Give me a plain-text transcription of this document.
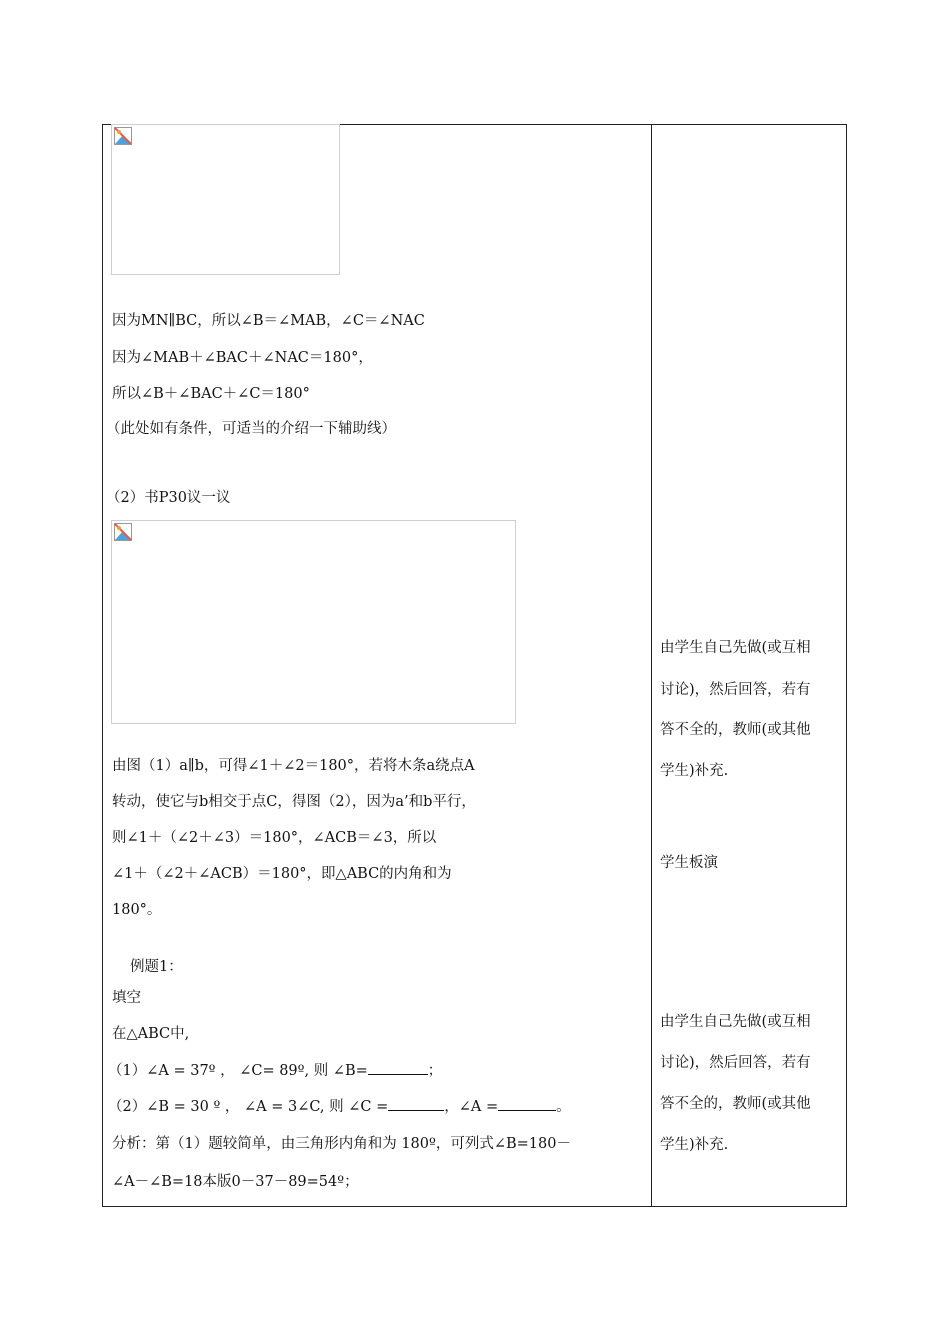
因为MN∥BC，所以∠B＝∠MAB，∠C＝∠NAC
因为∠MAB＋∠BAC＋∠NAC＝180°，
所以∠B＋∠BAC＋∠C＝180°
（此处如有条件，可适当的介绍一下辅助线）
（2）书P30议一议
由图（1）a∥b，可得∠1＋∠2＝180°，若将木条a绕点A
转动，使它与b相交于点C，得图（2），因为a’和b平行，
则∠1＋（∠2＋∠3）＝180°，∠ACB＝∠3，所以
∠1＋（∠2＋∠ACB）＝180°，即△ABC的内角和为
180°。
例题1：
填空
在△ABC中,
（1）∠A = 37º ， ∠C= 89º, 则 ∠B=	；
（2）∠B = 30 º ， ∠A = 3∠C, 则 ∠C =	，∠A =	。
分析：第（1）题较简单，由三角形内角和为 180º，可列式∠B=180－
∠A－∠B=18本版0－37－89=54º；
由学生自己先做(或互相
讨论)，然后回答，若有
答不全的，教师(或其他
学生)补充.
学生板演
由学生自己先做(或互相
讨论)，然后回答，若有
答不全的，教师(或其他
学生)补充.
